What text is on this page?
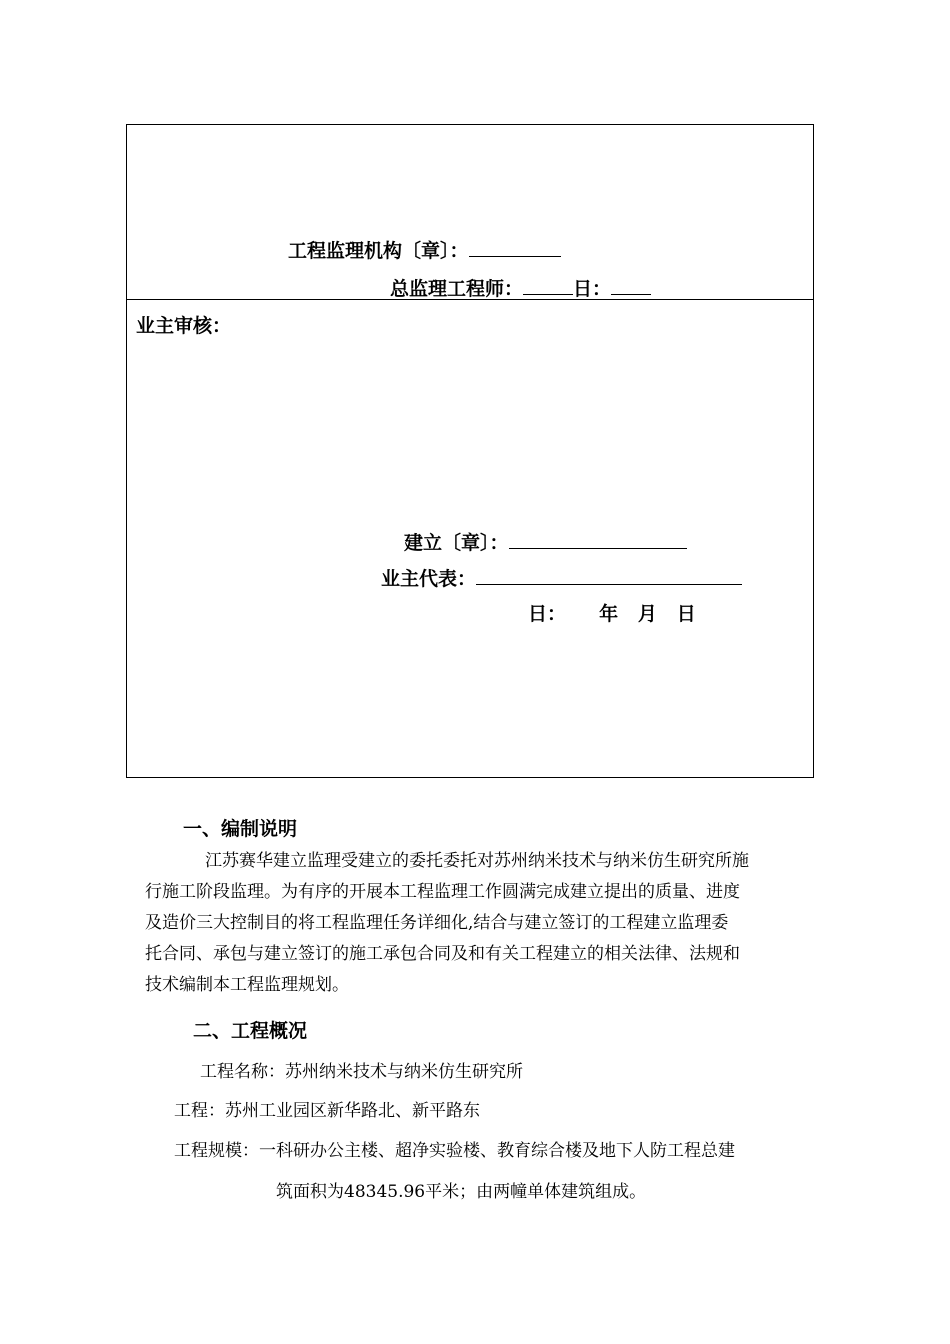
工程监理机构〔章〕：
总监理工程师：	日：
业主审核：
建立〔章〕：
业主代表：
日：     年   月   日
一、编制说明
江苏赛华建立监理受建立的委托委托对苏州纳米技术与纳米仿生研究所施
行施工阶段监理。为有序的开展本工程监理工作圆满完成建立提出的质量、进度
及造价三大控制目的将工程监理任务详细化,结合与建立签订的工程建立监理委
托合同、承包与建立签订的施工承包合同及和有关工程建立的相关法律、法规和
技术编制本工程监理规划。
二、工程概况
工程名称：苏州纳米技术与纳米仿生研究所
工程：苏州工业园区新华路北、新平路东
工程规模：一科研办公主楼、超净实验楼、教育综合楼及地下人防工程总建
筑面积为48345.96平米；由两幢单体建筑组成。
